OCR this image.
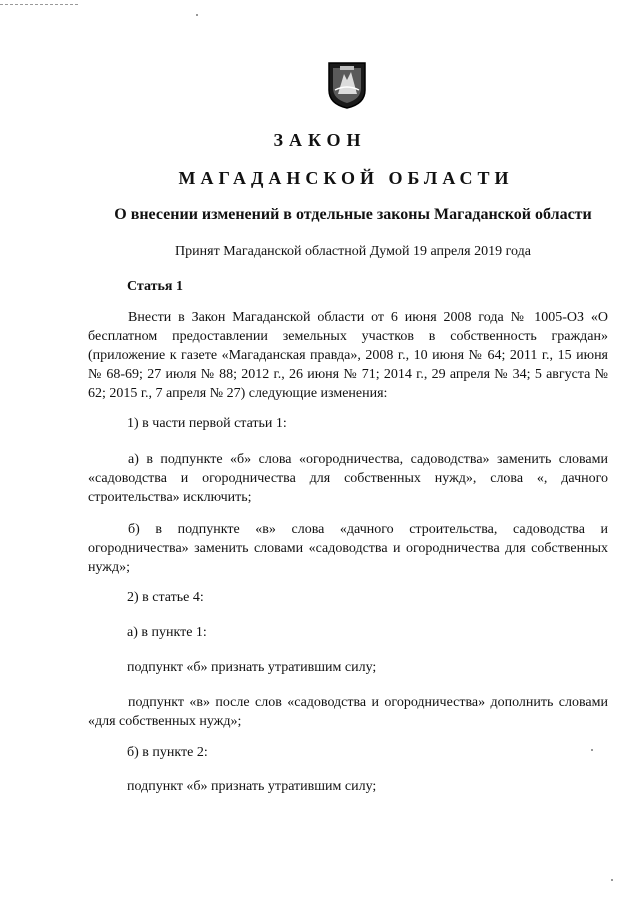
ЗАКОН
МАГАДАНСКОЙ ОБЛАСТИ
О внесении изменений в отдельные законы Магаданской области
Принят Магаданской областной Думой 19 апреля 2019 года
Статья 1
Внести в Закон Магаданской области от 6 июня 2008 года № 1005-ОЗ «О бесплатном предоставлении земельных участков в собственность граждан» (приложение к газете «Магаданская правда», 2008 г., 10 июня № 64; 2011 г., 15 июня № 68-69; 27 июля № 88; 2012 г., 26 июня № 71; 2014 г., 29 апреля № 34; 5 августа № 62; 2015 г., 7 апреля № 27) следующие изменения:
1) в части первой статьи 1:
а) в подпункте «б» слова «огородничества, садоводства» заменить словами «садоводства и огородничества для собственных нужд», слова «, дачного строительства» исключить;
б) в подпункте «в» слова «дачного строительства, садоводства и огородничества» заменить словами «садоводства и огородничества для собственных нужд»;
2) в статье 4:
а) в пункте 1:
подпункт «б» признать утратившим силу;
подпункт «в» после слов «садоводства и огородничества» дополнить словами «для собственных нужд»;
б) в пункте 2:
подпункт «б» признать утратившим силу;
